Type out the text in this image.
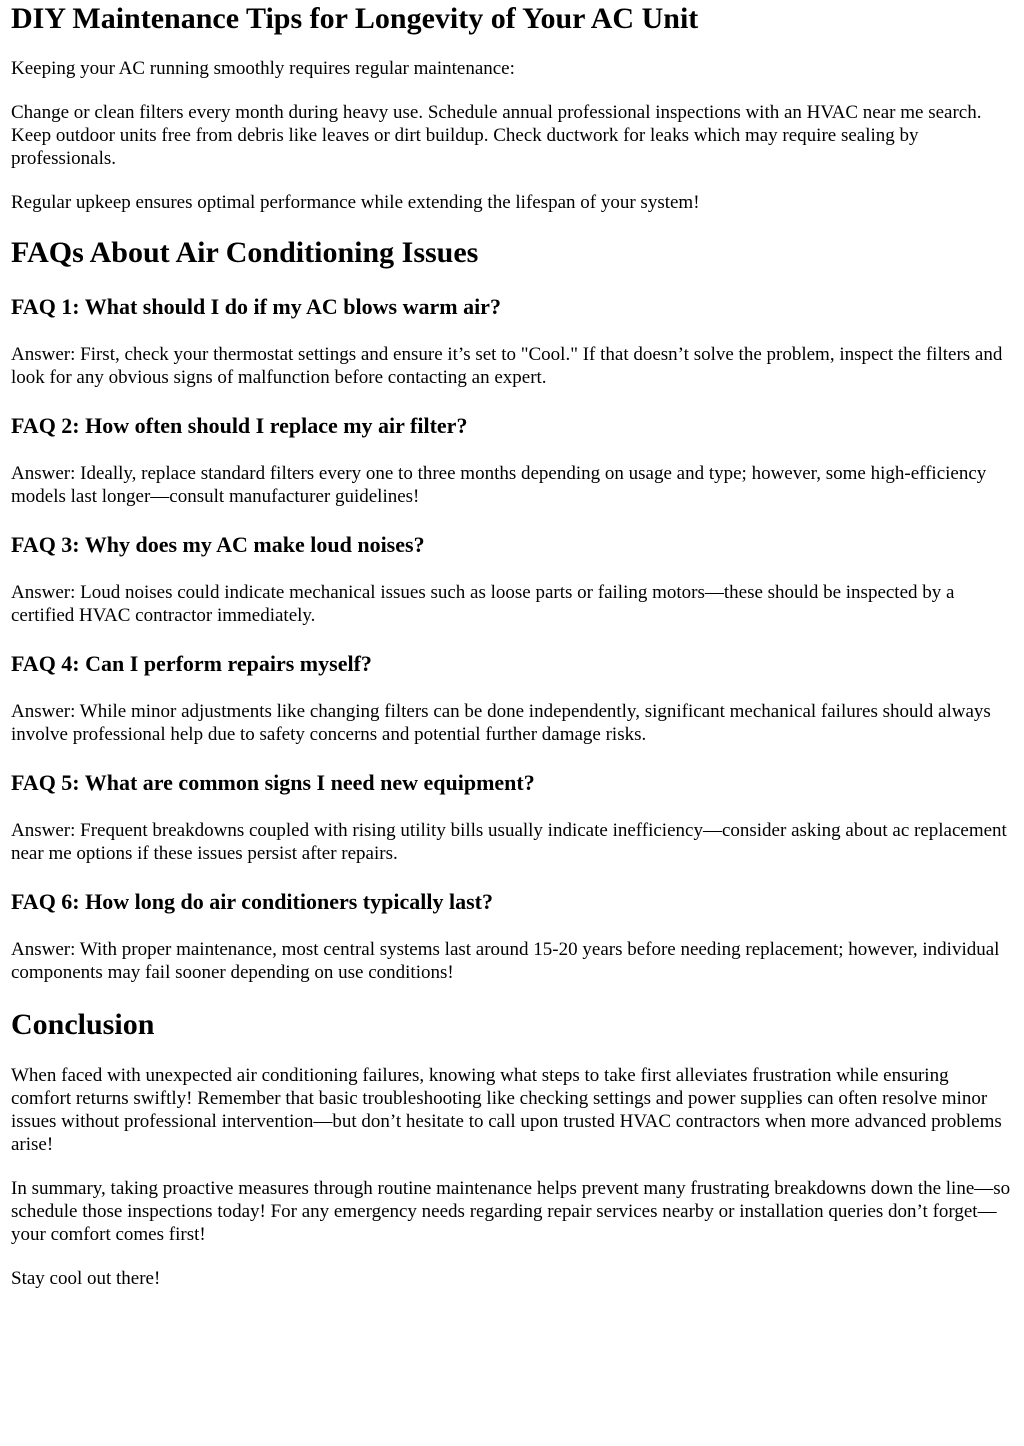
DIY Maintenance Tips for Longevity of Your AC Unit

Keeping your AC running smoothly requires regular maintenance:

Change or clean filters every month during heavy use. Schedule annual professional inspections with an HVAC near me search. Keep outdoor units free from debris like leaves or dirt buildup. Check ductwork for leaks which may require sealing by professionals.

Regular upkeep ensures optimal performance while extending the lifespan of your system!

FAQs About Air Conditioning Issues
FAQ 1: What should I do if my AC blows warm air?

Answer: First, check your thermostat settings and ensure it’s set to "Cool." If that doesn’t solve the problem, inspect the filters and look for any obvious signs of malfunction before contacting an expert.

FAQ 2: How often should I replace my air filter?

Answer: Ideally, replace standard filters every one to three months depending on usage and type; however, some high-efficiency models last longer—consult manufacturer guidelines!

FAQ 3: Why does my AC make loud noises?

Answer: Loud noises could indicate mechanical issues such as loose parts or failing motors—these should be inspected by a certified HVAC contractor immediately.

FAQ 4: Can I perform repairs myself?

Answer: While minor adjustments like changing filters can be done independently, significant mechanical failures should always involve professional help due to safety concerns and potential further damage risks.

FAQ 5: What are common signs I need new equipment?

Answer: Frequent breakdowns coupled with rising utility bills usually indicate inefficiency—consider asking about ac replacement near me options if these issues persist after repairs.

FAQ 6: How long do air conditioners typically last?

Answer: With proper maintenance, most central systems last around 15-20 years before needing replacement; however, individual components may fail sooner depending on use conditions!

Conclusion

When faced with unexpected air conditioning failures, knowing what steps to take first alleviates frustration while ensuring comfort returns swiftly! Remember that basic troubleshooting like checking settings and power supplies can often resolve minor issues without professional intervention—but don’t hesitate to call upon trusted HVAC contractors when more advanced problems arise!

In summary, taking proactive measures through routine maintenance helps prevent many frustrating breakdowns down the line—so schedule those inspections today! For any emergency needs regarding repair services nearby or installation queries don’t forget—your comfort comes first!

Stay cool out there!
